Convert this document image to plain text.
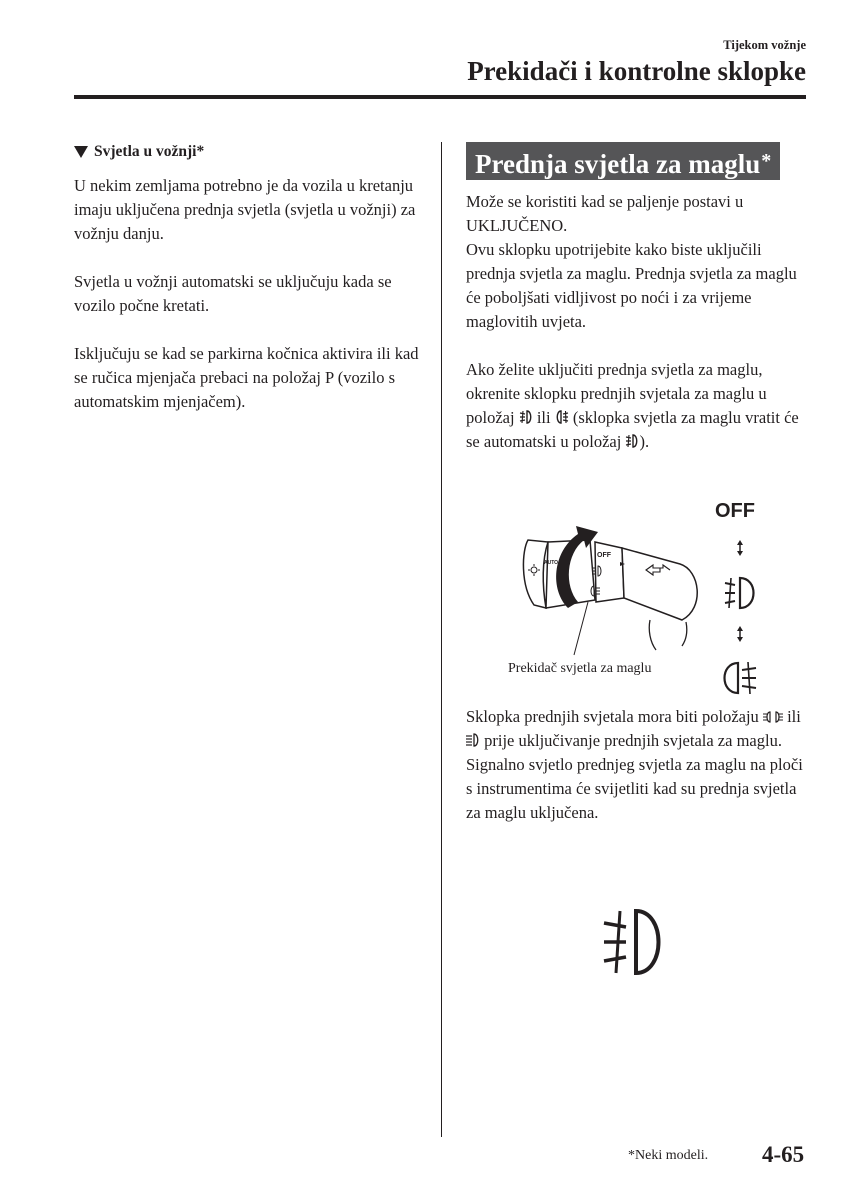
Tijekom vožnje
Prekidači i kontrolne sklopke
Svjetla u vožnji*

U nekim zemljama potrebno je da vozila u kretanju imaju uključena prednja svjetla (svjetla u vožnji) za vožnju danju.

Svjetla u vožnji automatski se uključuju kada se vozilo počne kretati.

Isključuju se kad se parkirna kočnica aktivira ili kad se ručica mjenjača prebaci na položaj P (vozilo s automatskim mjenjačem).

Prednja svjetla za maglu*
Može se koristiti kad se paljenje postavi u UKLJUČENO.
Ovu sklopku upotrijebite kako biste uključili prednja svjetla za maglu. Prednja svjetla za maglu će poboljšati vidljivost po noći i za vrijeme maglovitih uvjeta.
Ako želite uključiti prednja svjetla za maglu, okrenite sklopku prednjih svjetala za maglu u položaj ili (sklopka svjetla za maglu vratit će se automatski u položaj ).
OFF
OFF
AUTO
Prekidač svjetla za maglu
Sklopka prednjih svjetala mora biti položaju ili  prije uključivanje prednjih svjetala za maglu.
Signalno svjetlo prednjeg svjetla za maglu na ploči s instrumentima će svijetliti kad su prednja svjetla za maglu uključena.
*Neki modeli. 4-65
